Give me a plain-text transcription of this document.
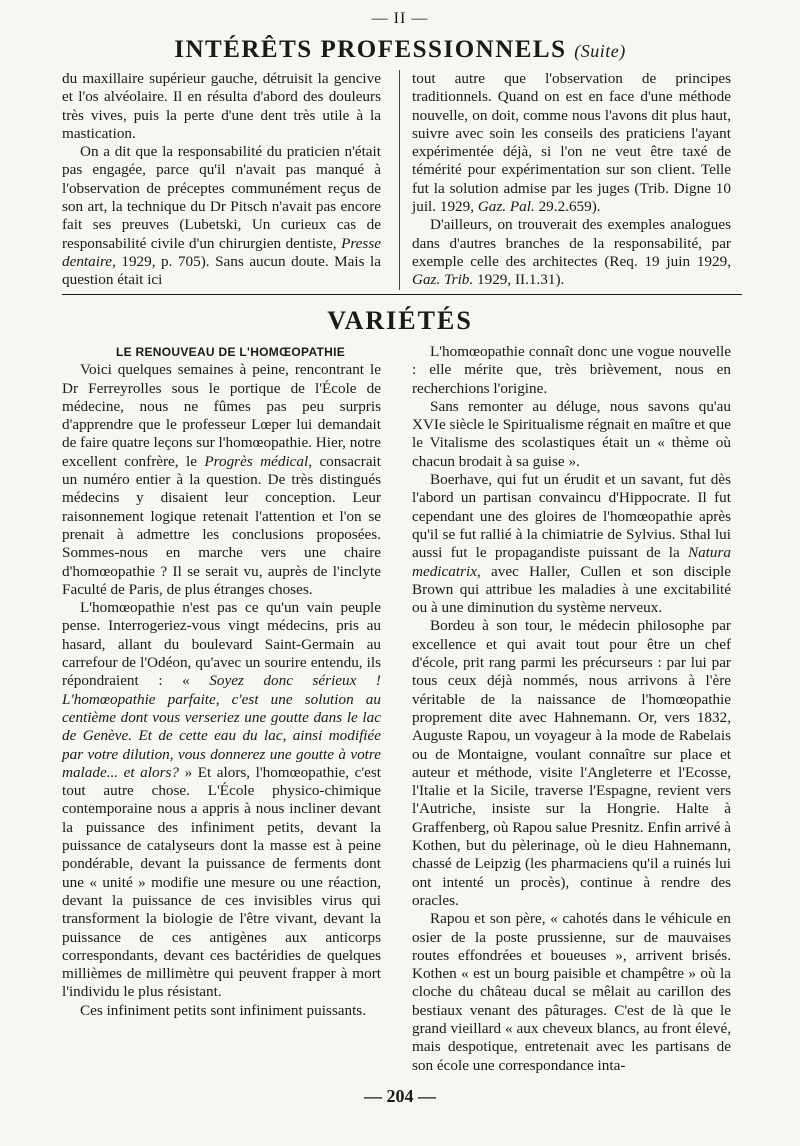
— II —
INTÉRÊTS PROFESSIONNELS (Suite)

du maxillaire supérieur gauche, détruisit la gencive et l'os alvéolaire. Il en résulta d'abord des douleurs très vives, puis la perte d'une dent très utile à la mastication.

On a dit que la responsabilité du praticien n'était pas engagée, parce qu'il n'avait pas manqué à l'observation de préceptes communément reçus de son art, la technique du Dr Pitsch n'avait pas encore fait ses preuves (Lubetski, Un curieux cas de responsabilité civile d'un chirurgien dentiste, Presse dentaire, 1929, p. 705). Sans aucun doute. Mais la question était ici

tout autre que l'observation de principes traditionnels. Quand on est en face d'une méthode nouvelle, on doit, comme nous l'avons dit plus haut, suivre avec soin les conseils des praticiens l'ayant expérimentée déjà, si l'on ne veut être taxé de témérité pour expérimentation sur son client. Telle fut la solution admise par les juges (Trib. Digne 10 juil. 1929, Gaz. Pal. 29.2.659).

D'ailleurs, on trouverait des exemples analogues dans d'autres branches de la responsabilité, par exemple celle des architectes (Req. 19 juin 1929, Gaz. Trib. 1929, II.1.31).

VARIÉTÉS

LE RENOUVEAU DE L'HOMŒOPATHIE

Voici quelques semaines à peine, rencontrant le Dr Ferreyrolles sous le portique de l'École de médecine, nous ne fûmes pas peu surpris d'apprendre que le professeur Lœper lui demandait de faire quatre leçons sur l'homœopathie. Hier, notre excellent confrère, le Progrès médical, consacrait un numéro entier à la question. De très distingués médecins y disaient leur conception. Leur raisonnement logique retenait l'attention et l'on se prenait à admettre les conclusions proposées. Sommes-nous en marche vers une chaire d'homœopathie ? Il se serait vu, auprès de l'inclyte Faculté de Paris, de plus étranges choses.

L'homœopathie n'est pas ce qu'un vain peuple pense. Interrogeriez-vous vingt médecins, pris au hasard, allant du boulevard Saint-Germain au carrefour de l'Odéon, qu'avec un sourire entendu, ils répondraient : « Soyez donc sérieux ! L'homœopathie parfaite, c'est une solution au centième dont vous verseriez une goutte dans le lac de Genève. Et de cette eau du lac, ainsi modifiée par votre dilution, vous donnerez une goutte à votre malade... et alors? » Et alors, l'homœopathie, c'est tout autre chose. L'École physico-chimique contemporaine nous a appris à nous incliner devant la puissance des infiniment petits, devant la puissance de catalyseurs dont la masse est à peine pondérable, devant la puissance de ferments dont une « unité » modifie une mesure ou une réaction, devant la puissance de ces invisibles virus qui transforment la biologie de l'être vivant, devant la puissance de ces antigènes aux anticorps correspondants, devant ces bactéridies de quelques millièmes de millimètre qui peuvent frapper à mort l'individu le plus résistant.

Ces infiniment petits sont infiniment puissants.

L'homœopathie connaît donc une vogue nouvelle : elle mérite que, très brièvement, nous en recherchions l'origine.

Sans remonter au déluge, nous savons qu'au XVIe siècle le Spiritualisme régnait en maître et que le Vitalisme des scolastiques était un « thème où chacun brodait à sa guise ».

Boerhave, qui fut un érudit et un savant, fut dès l'abord un partisan convaincu d'Hippocrate. Il fut cependant une des gloires de l'homœopathie après qu'il se fut rallié à la chimiatrie de Sylvius. Sthal lui aussi fut le propagandiste puissant de la Natura medicatrix, avec Haller, Cullen et son disciple Brown qui attribue les maladies à une excitabilité ou à une diminution du système nerveux.

Bordeu à son tour, le médecin philosophe par excellence et qui avait tout pour être un chef d'école, prit rang parmi les précurseurs : par lui par tous ceux déjà nommés, nous arrivons à l'ère véritable de la naissance de l'homœopathie proprement dite avec Hahnemann. Or, vers 1832, Auguste Rapou, un voyageur à la mode de Rabelais ou de Montaigne, voulant connaître sur place et auteur et méthode, visite l'Angleterre et l'Ecosse, l'Italie et la Sicile, traverse l'Espagne, revient vers l'Autriche, insiste sur la Hongrie. Halte à Graffenberg, où Rapou salue Presnitz. Enfin arrivé à Kothen, but du pèlerinage, où le dieu Hahnemann, chassé de Leipzig (les pharmaciens qu'il a ruinés lui ont intenté un procès), continue à rendre des oracles.

Rapou et son père, « cahotés dans le véhicule en osier de la poste prussienne, sur de mauvaises routes effondrées et boueuses », arrivent brisés. Kothen « est un bourg paisible et champêtre » où la cloche du château ducal se mêlait au carillon des bestiaux venant des pâturages. C'est de là que le grand vieillard « aux cheveux blancs, au front élevé, mais despotique, entretenait avec les partisans de son école une correspondance inta-

— 204 —
